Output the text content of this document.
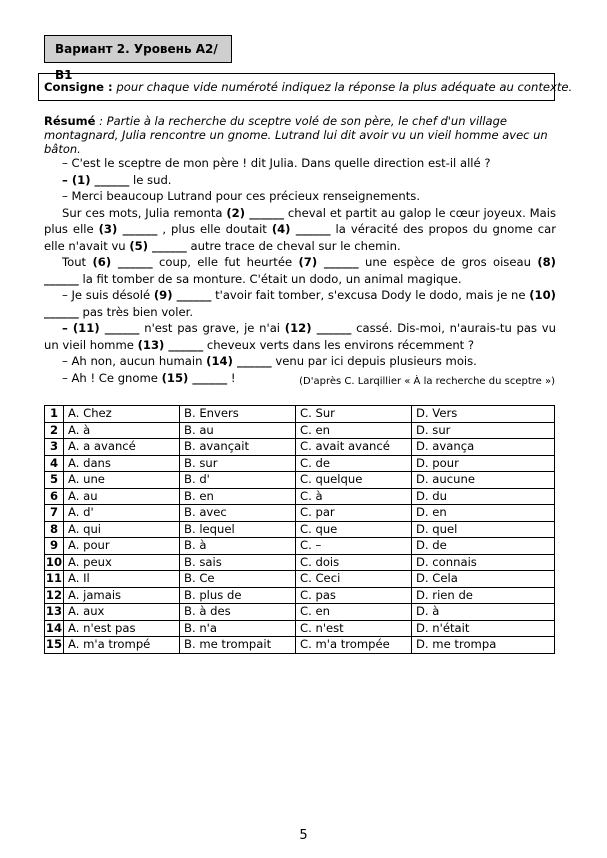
Вариант 2. Уровень А2/В1
Consigne : pour chaque vide numéroté indiquez la réponse la plus adéquate au contexte.
Résumé : Partie à la recherche du sceptre volé de son père, le chef d'un village montagnard, Julia rencontre un gnome. Lutrand lui dit avoir vu un vieil homme avec un bâton.

– C'est le sceptre de mon père ! dit Julia. Dans quelle direction est-il allé ?

– (1) ______ le sud.

– Merci beaucoup Lutrand pour ces précieux renseignements.

Sur ces mots, Julia remonta (2) ______ cheval et partit au galop le cœur joyeux. Mais plus elle (3) ______ , plus elle doutait (4) ______ la véracité des propos du gnome car elle n'avait vu (5) ______ autre trace de cheval sur le chemin.

Tout (6) ______ coup, elle fut heurtée (7) ______ une espèce de gros oiseau (8) ______ la fit tomber de sa monture. C'était un dodo, un animal magique.

– Je suis désolé (9) ______ t'avoir fait tomber, s'excusa Dody le dodo, mais je ne (10) ______ pas très bien voler.

– (11) ______ n'est pas grave, je n'ai (12) ______ cassé. Dis-moi, n'aurais-tu pas vu un vieil homme (13) ______ cheveux verts dans les environs récemment ?

– Ah non, aucun humain (14) ______ venu par ici depuis plusieurs mois.

– Ah ! Ce gnome (15) ______ !	(D'après C. Larqillier « À la recherche du sceptre »)
1	A. Chez	B. Envers	C. Sur	D. Vers
2	A. à	B. au	C. en	D. sur
3	A. a avancé	B. avançait	C. avait avancé	D. avança
4	A. dans	B. sur	C. de	D. pour
5	A. une	B. d'	C. quelque	D. aucune
6	A. au	B. en	C. à	D. du
7	A. d'	B. avec	C. par	D. en
8	A. qui	B. lequel	C. que	D. quel
9	A. pour	B. à	C. –	D. de
10	A. peux	B. sais	C. dois	D. connais
11	A. Il	B. Ce	C. Ceci	D. Cela
12	A. jamais	B. plus de	C. pas	D. rien de
13	A. aux	B. à des	C. en	D. à
14	A. n'est pas	B. n'a	C. n'est	D. n'était
15	A. m'a trompé	B. me trompait	C. m'a trompée	D. me trompa
5
